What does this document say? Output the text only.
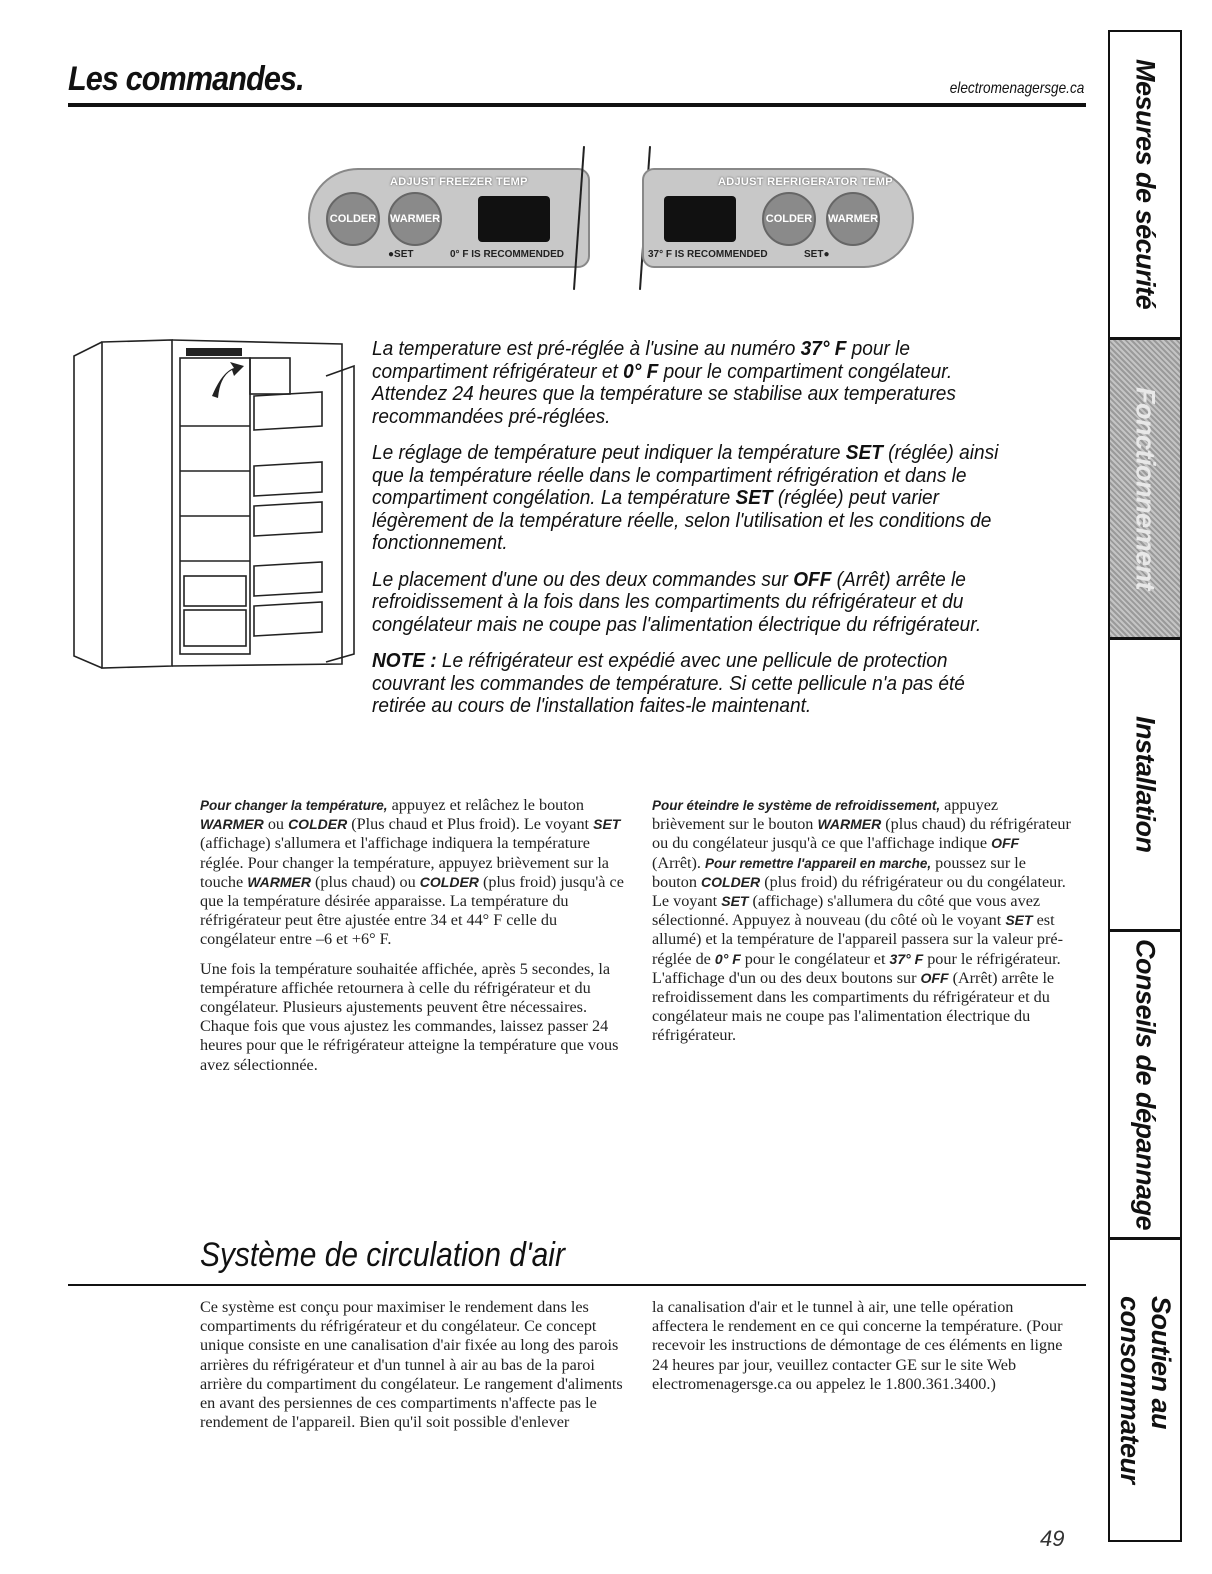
Les commandes.	electromenagersge.ca
ADJUST FREEZER TEMP
COLDER	WARMER
●SET	0° F IS RECOMMENDED
ADJUST REFRIGERATOR TEMP
COLDER	WARMER
37° F IS RECOMMENDED	SET●

La temperature est pré-réglée à l'usine au numéro 37° F pour le compartiment réfrigérateur et 0° F pour le compartiment congélateur. Attendez 24 heures que la température se stabilise aux temperatures recommandées pré-réglées.

Le réglage de température peut indiquer la température SET (réglée) ainsi que la température réelle dans le compartiment réfrigération et dans le compartiment congélation. La température SET (réglée) peut varier légèrement de la température réelle, selon l'utilisation et les conditions de fonctionnement.

Le placement d'une ou des deux commandes sur OFF (Arrêt) arrête le refroidissement à la fois dans les compartiments du réfrigérateur et du congélateur mais ne coupe pas l'alimentation électrique du réfrigérateur.

NOTE : Le réfrigérateur est expédié avec une pellicule de protection couvrant les commandes de température. Si cette pellicule n'a pas été retirée au cours de l'installation faites-le maintenant.

Pour changer la température, appuyez et relâchez le bouton WARMER ou COLDER (Plus chaud et Plus froid). Le voyant SET (affichage) s'allumera et l'affichage indiquera la température réglée. Pour changer la température, appuyez brièvement sur la touche WARMER (plus chaud) ou COLDER (plus froid) jusqu'à ce que la température désirée apparaisse. La température du réfrigérateur peut être ajustée entre 34 et 44° F celle du congélateur entre –6 et +6° F.

Une fois la température souhaitée affichée, après 5 secondes, la température affichée retournera à celle du réfrigérateur et du congélateur. Plusieurs ajustements peuvent être nécessaires. Chaque fois que vous ajustez les commandes, laissez passer 24 heures pour que le réfrigérateur atteigne la température que vous avez sélectionnée.

Pour éteindre le système de refroidissement, appuyez brièvement sur le bouton WARMER (plus chaud) du réfrigérateur ou du congélateur jusqu'à ce que l'affichage indique OFF (Arrêt). Pour remettre l'appareil en marche, poussez sur le bouton COLDER (plus froid) du réfrigérateur ou du congélateur. Le voyant SET (affichage) s'allumera du côté que vous avez sélectionné. Appuyez à nouveau (du côté où le voyant SET est allumé) et la température de l'appareil passera sur la valeur pré-réglée de 0° F pour le congélateur et 37° F pour le réfrigérateur. L'affichage d'un ou des deux boutons sur OFF (Arrêt) arrête le refroidissement dans les compartiments du réfrigérateur et du congélateur mais ne coupe pas l'alimentation électrique du réfrigérateur.

Système de circulation d'air

Ce système est conçu pour maximiser le rendement dans les compartiments du réfrigérateur et du congélateur. Ce concept unique consiste en une canalisation d'air fixée au long des parois arrières du réfrigérateur et d'un tunnel à air au bas de la paroi arrière du compartiment du congélateur. Le rangement d'aliments en avant des persiennes de ces compartiments n'affecte pas le rendement de l'appareil. Bien qu'il soit possible d'enlever

la canalisation d'air et le tunnel à air, une telle opération affectera le rendement en ce qui concerne la température. (Pour recevoir les instructions de démontage de ces éléments en ligne 24 heures par jour, veuillez contacter GE sur le site Web electromenagersge.ca ou appelez le 1.800.361.3400.)

49
Mesures de sécurité
Fonctionnement
Installation
Conseils de dépannage
Soutien au
consommateur
